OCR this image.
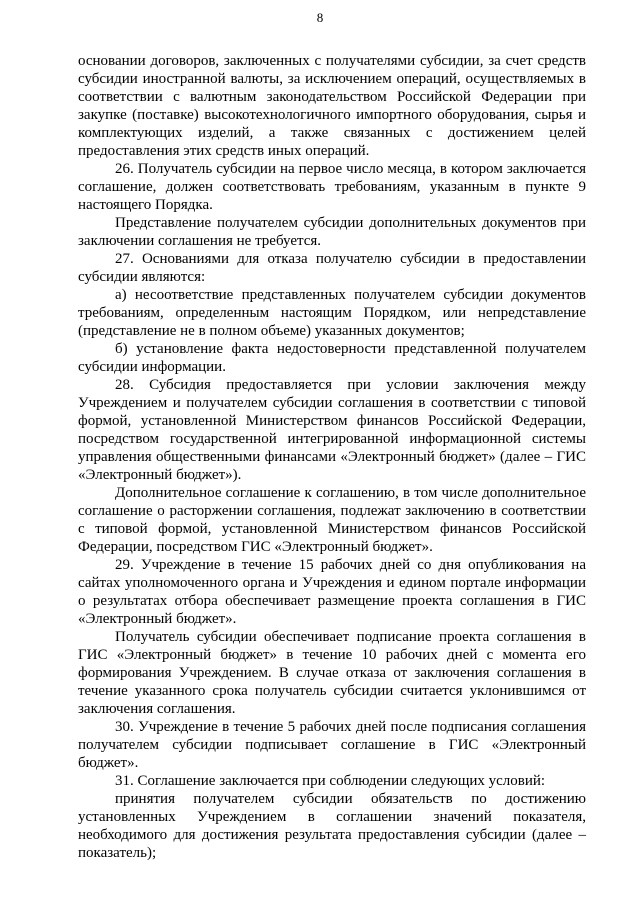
8

основании договоров, заключенных с получателями субсидии, за счет средств субсидии иностранной валюты, за исключением операций, осуществляемых в соответствии с валютным законодательством Российской Федерации при закупке (поставке) высокотехнологичного импортного оборудования, сырья и комплектующих изделий, а также связанных с достижением целей предоставления этих средств иных операций.

26. Получатель субсидии на первое число месяца, в котором заключается соглашение, должен соответствовать требованиям, указанным в пункте 9 настоящего Порядка.

Представление получателем субсидии дополнительных документов при заключении соглашения не требуется.

27. Основаниями для отказа получателю субсидии в предоставлении субсидии являются:

а) несоответствие представленных получателем субсидии документов требованиям, определенным настоящим Порядком, или непредставление (представление не в полном объеме) указанных документов;

б) установление факта недостоверности представленной получателем субсидии информации.

28. Субсидия предоставляется при условии заключения между Учреждением и получателем субсидии соглашения в соответствии с типовой формой, установленной Министерством финансов Российской Федерации, посредством государственной интегрированной информационной системы управления общественными финансами «Электронный бюджет» (далее – ГИС «Электронный бюджет»).

Дополнительное соглашение к соглашению, в том числе дополнительное соглашение о расторжении соглашения, подлежат заключению в соответствии с типовой формой, установленной Министерством финансов Российской Федерации, посредством ГИС «Электронный бюджет».

29. Учреждение в течение 15 рабочих дней со дня опубликования на сайтах уполномоченного органа и Учреждения и едином портале информации о результатах отбора обеспечивает размещение проекта соглашения в ГИС «Электронный бюджет».

Получатель субсидии обеспечивает подписание проекта соглашения в ГИС «Электронный бюджет» в течение 10 рабочих дней с момента его формирования Учреждением. В случае отказа от заключения соглашения в течение указанного срока получатель субсидии считается уклонившимся от заключения соглашения.

30. Учреждение в течение 5 рабочих дней после подписания соглашения получателем субсидии подписывает соглашение в ГИС «Электронный бюджет».

31. Соглашение заключается при соблюдении следующих условий:

принятия получателем субсидии обязательств по достижению установленных Учреждением в соглашении значений показателя, необходимого для достижения результата предоставления субсидии (далее – показатель);
